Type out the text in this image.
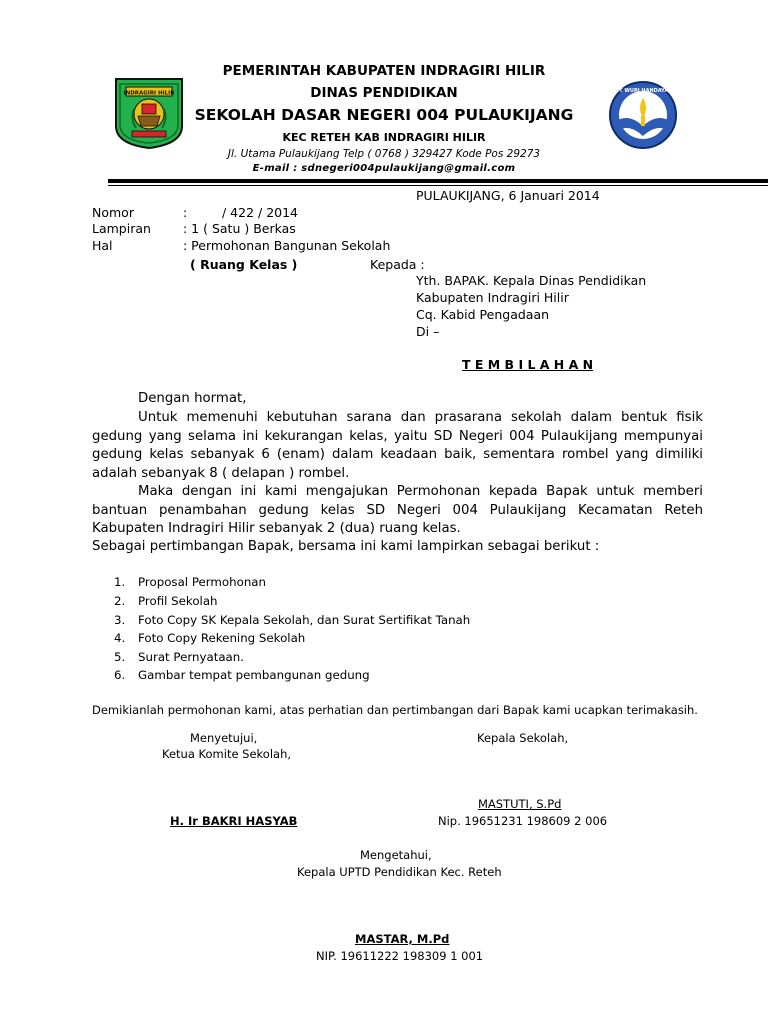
INDRAGIRI HILIR	TUT WURI HANDAYANI
PEMERINTAH KABUPATEN INDRAGIRI HILIR
DINAS PENDIDIKAN
SEKOLAH DASAR NEGERI 004 PULAUKIJANG
KEC RETEH KAB INDRAGIRI HILIR
Jl. Utama Pulaukijang Telp ( 0768 ) 329427 Kode Pos 29273
E-mail : sdnegeri004pulaukijang@gmail.com
PULAUKIJANG, 6 Januari 2014
Nomor	:	/ 422 / 2014
Lampiran	: 1 ( Satu ) Berkas
Hal	: Permohonan Bangunan Sekolah
( Ruang Kelas )	Kepada :
Yth. BAPAK. Kepala Dinas Pendidikan
Kabupaten Indragiri Hilir
Cq. Kabid Pengadaan
Di –
T E M B I L A H A N
Dengan hormat,
Untuk memenuhi kebutuhan sarana dan prasarana sekolah dalam bentuk fisik gedung yang selama ini kekurangan kelas, yaitu SD Negeri 004 Pulaukijang mempunyai gedung kelas sebanyak 6 (enam) dalam keadaan baik, sementara rombel yang dimiliki adalah sebanyak 8 ( delapan ) rombel.
Maka dengan ini kami mengajukan Permohonan kepada Bapak untuk memberi bantuan penambahan gedung kelas SD Negeri 004 Pulaukijang Kecamatan Reteh Kabupaten Indragiri Hilir sebanyak 2 (dua) ruang kelas.
Sebagai pertimbangan Bapak, bersama ini kami lampirkan sebagai berikut :
1. Proposal Permohonan
2. Profil Sekolah
3. Foto Copy SK Kepala Sekolah, dan Surat Sertifikat Tanah
4. Foto Copy Rekening Sekolah
5. Surat Pernyataan.
6. Gambar tempat pembangunan gedung
Demikianlah permohonan kami, atas perhatian dan pertimbangan dari Bapak kami ucapkan terimakasih.
Menyetujui,
Ketua Komite Sekolah,
Kepala Sekolah,
MASTUTI, S.Pd
Nip. 19651231 198609 2 006
H. Ir BAKRI HASYAB
Mengetahui,
Kepala UPTD Pendidikan Kec. Reteh
MASTAR, M.Pd
NIP. 19611222 198309 1 001
